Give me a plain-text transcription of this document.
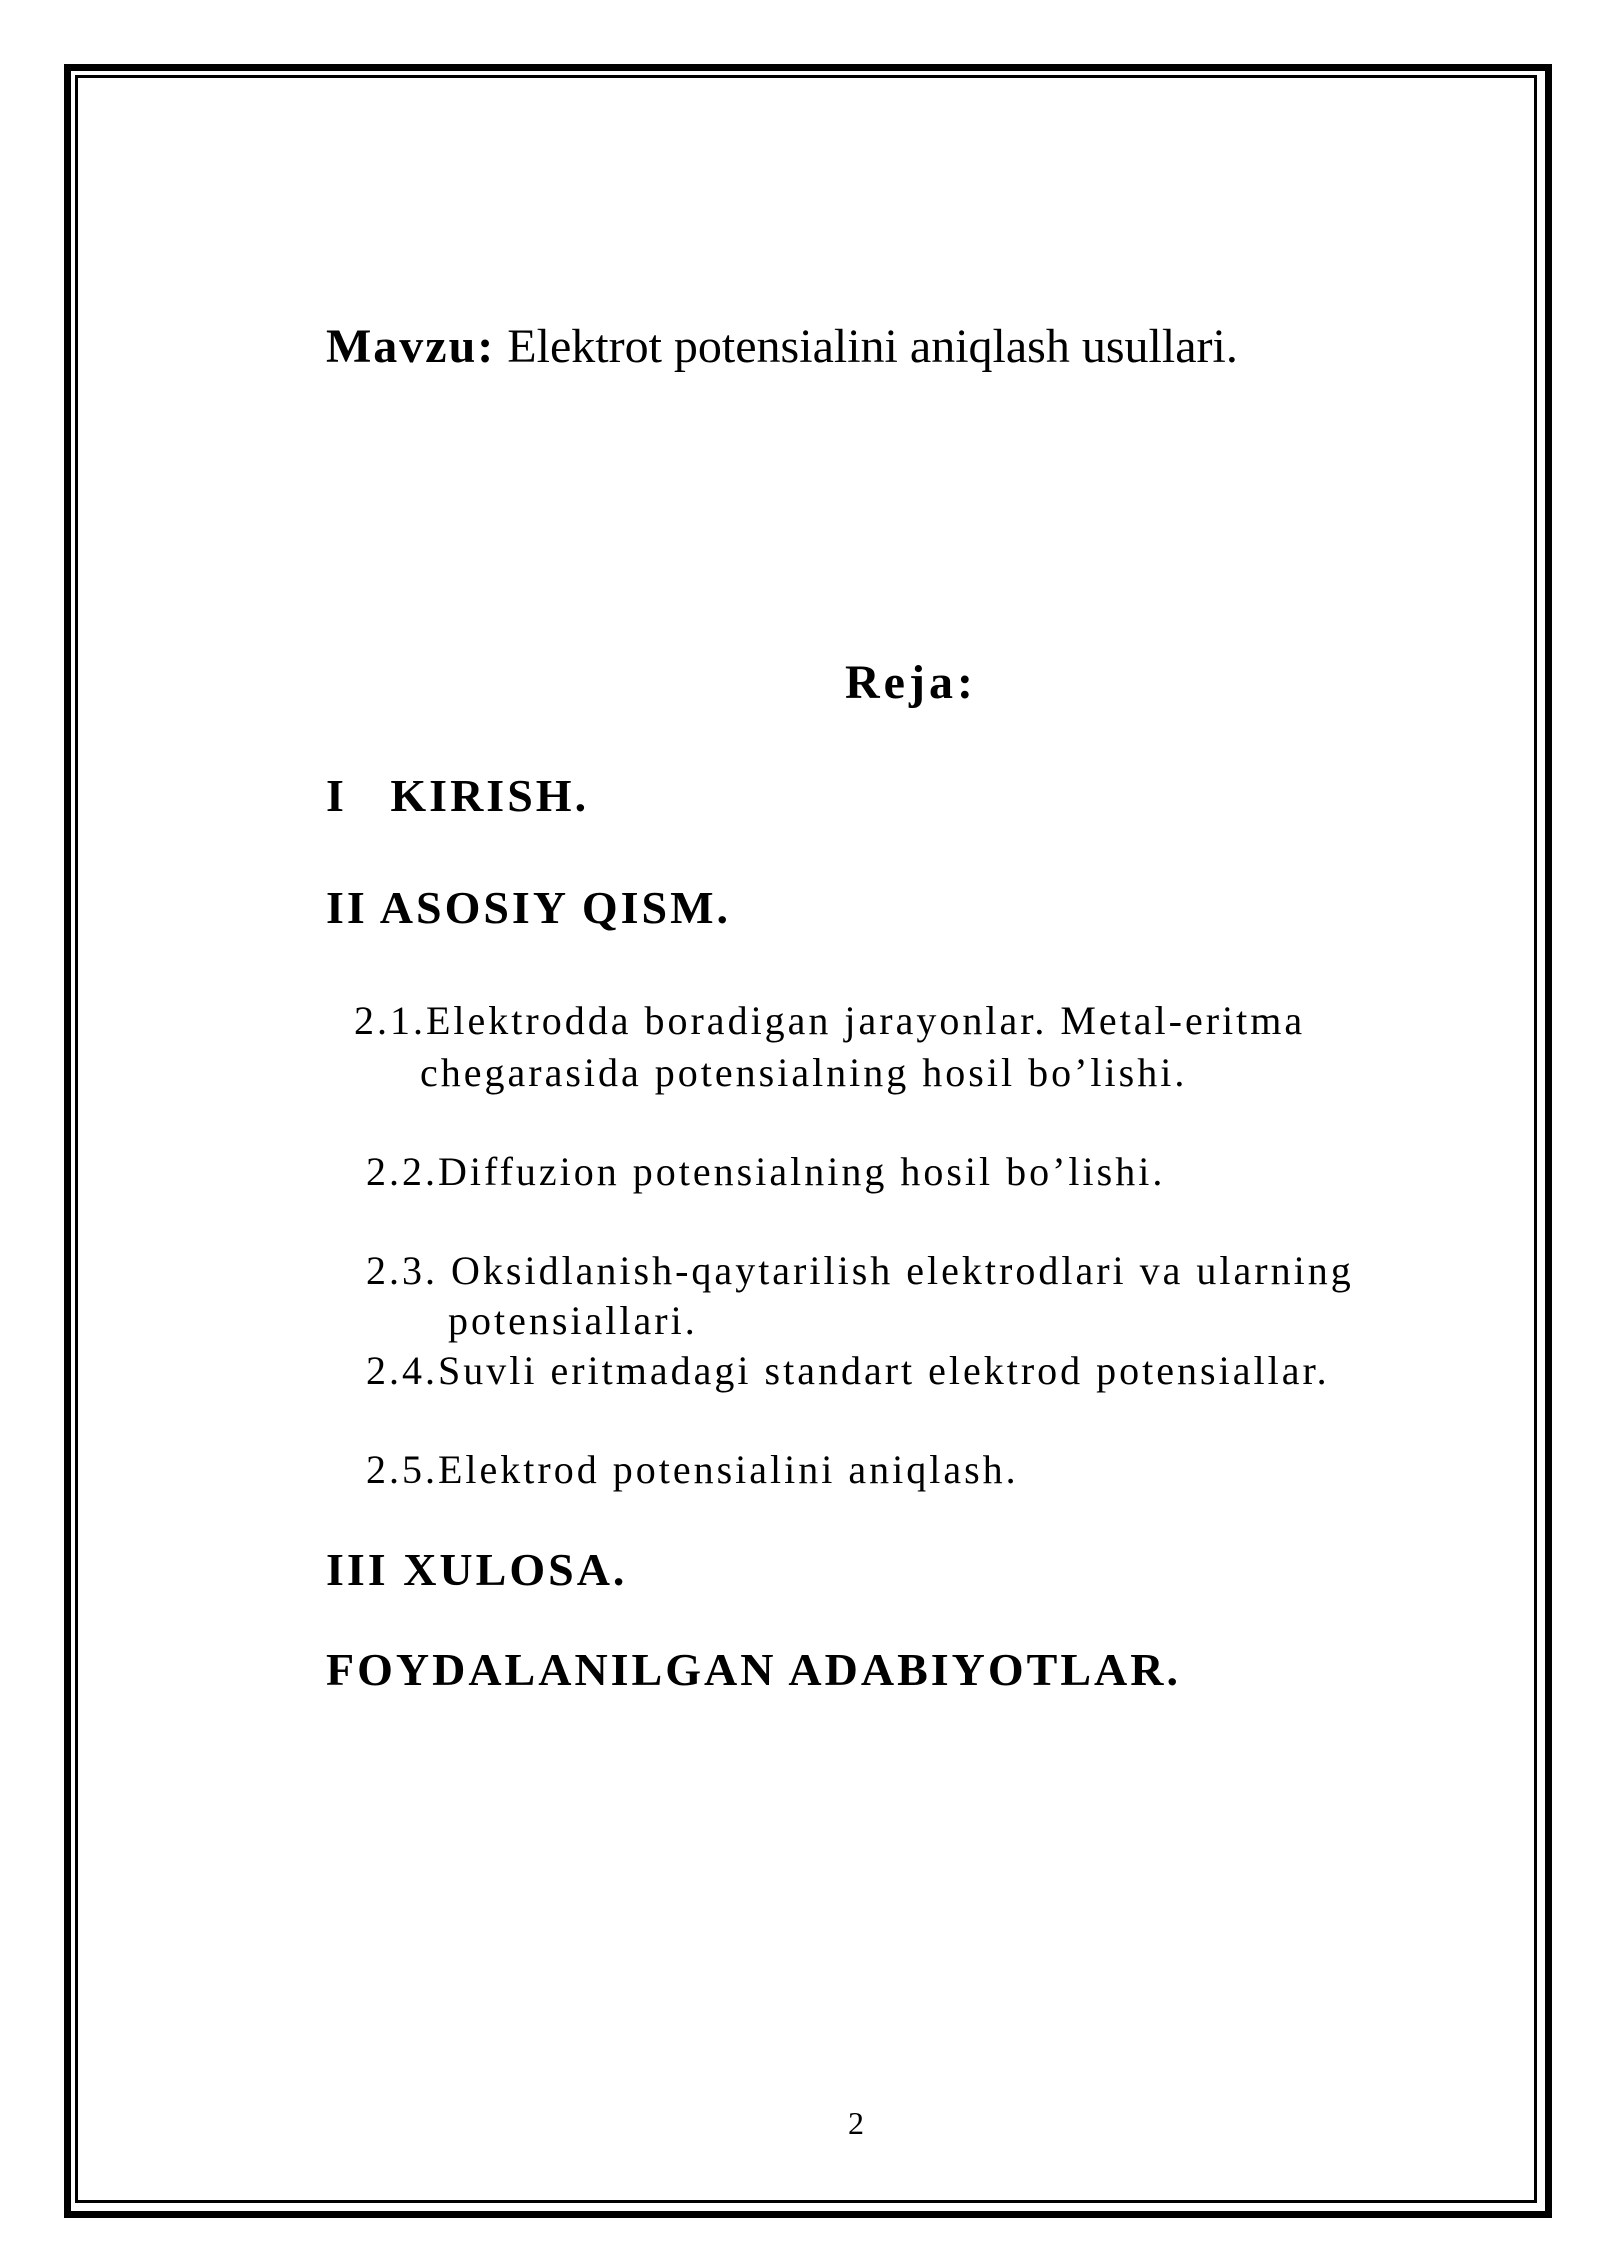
Mavzu: Elektrot potensialini aniqlash usullari.
Reja:
I   KIRISH.
II ASOSIY QISM.
2.1.Elektrodda boradigan jarayonlar. Metal-eritma
chegarasida potensialning hosil bo’lishi.
2.2.Diffuzion potensialning hosil bo’lishi.
2.3. Oksidlanish-qaytarilish elektrodlari va ularning
potensiallari.
2.4.Suvli eritmadagi standart elektrod potensiallar.
2.5.Elektrod potensialini aniqlash.
III XULOSA.
FOYDALANILGAN ADABIYOTLAR.
2
